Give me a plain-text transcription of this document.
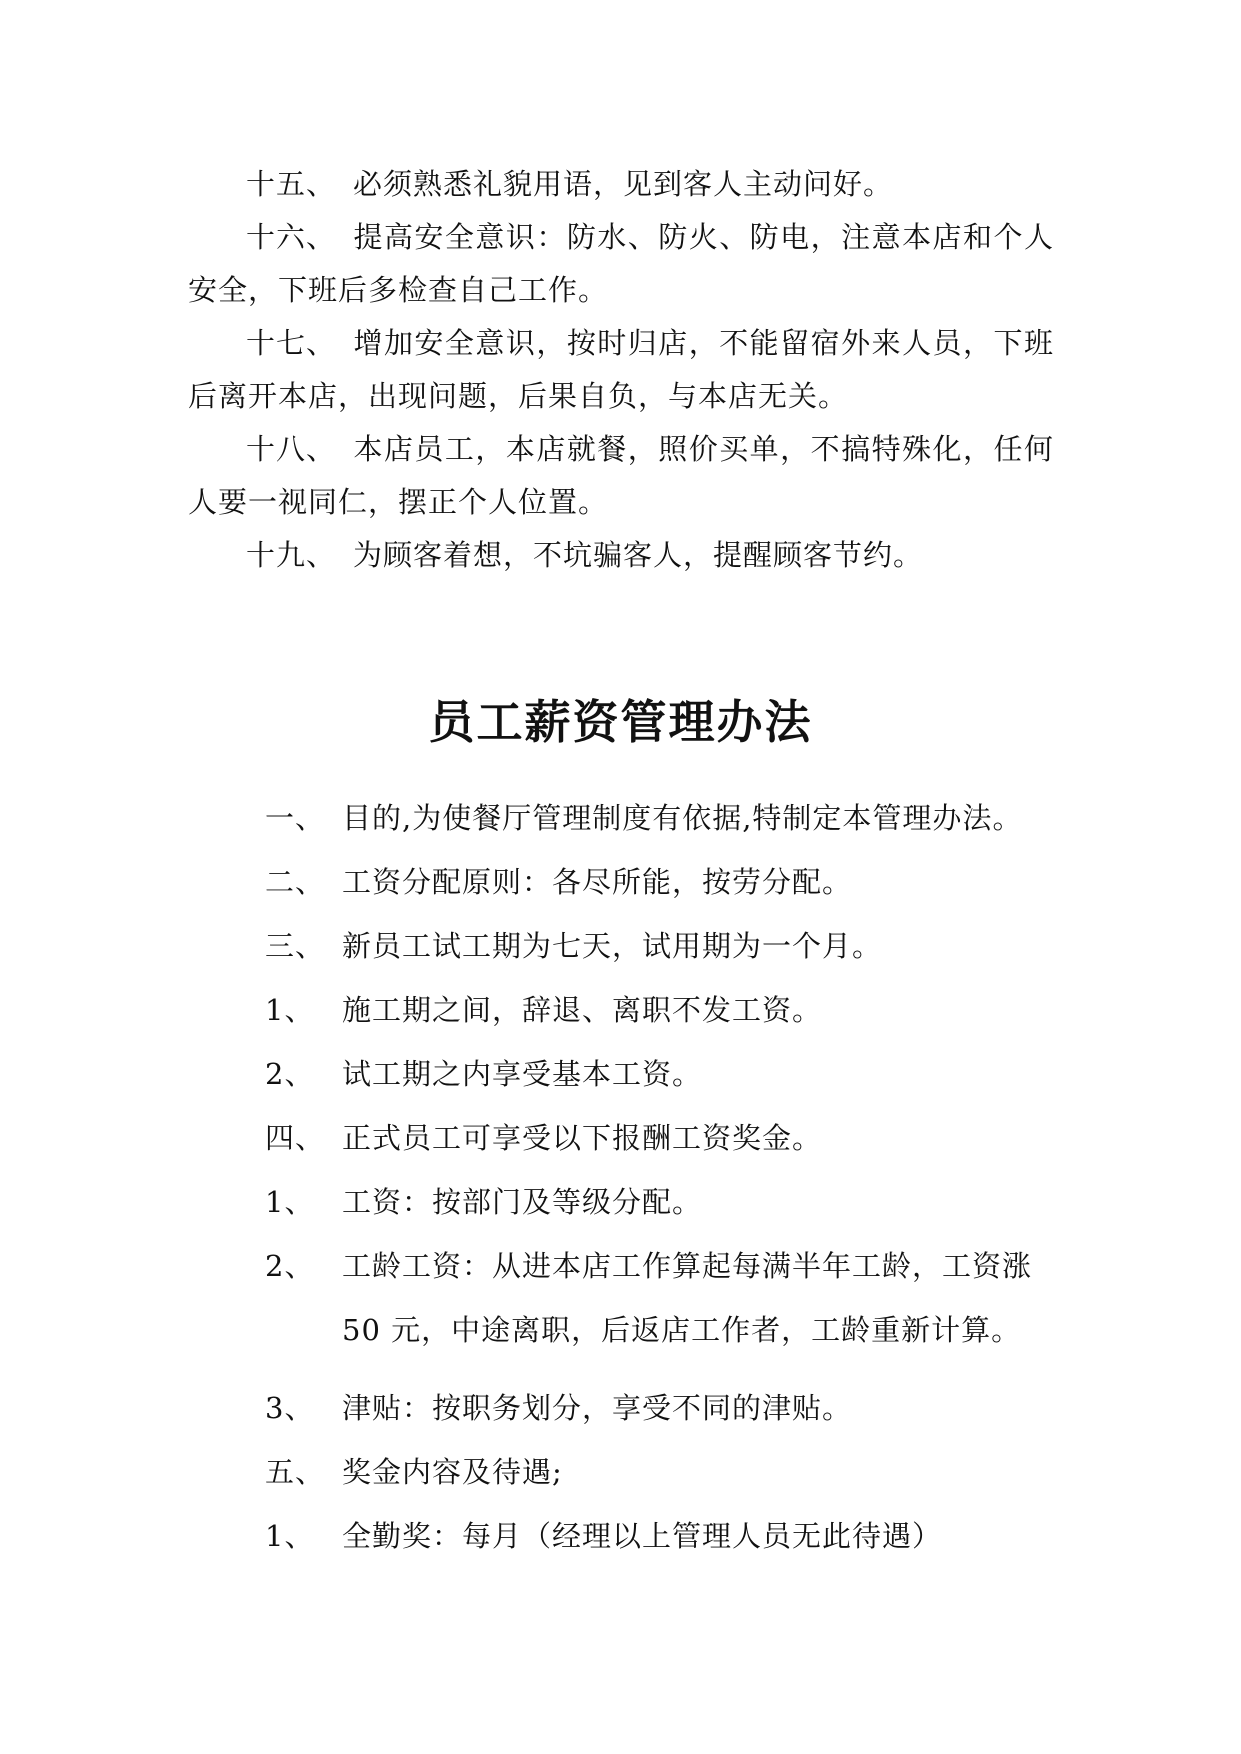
十五、 必须熟悉礼貌用语，见到客人主动问好。

十六、 提高安全意识：防水、防火、防电，注意本店和个人安全，下班后多检查自己工作。

十七、 增加安全意识，按时归店，不能留宿外来人员，下班后离开本店，出现问题，后果自负，与本店无关。

十八、 本店员工，本店就餐，照价买单，不搞特殊化，任何人要一视同仁，摆正个人位置。

十九、 为顾客着想，不坑骗客人，提醒顾客节约。

员工薪资管理办法
一、 目的,为使餐厅管理制度有依据,特制定本管理办法。
二、 工资分配原则：各尽所能，按劳分配。
三、 新员工试工期为七天，试用期为一个月。
1、 施工期之间，辞退、离职不发工资。
2、 试工期之内享受基本工资。
四、 正式员工可享受以下报酬工资奖金。
1、 工资：按部门及等级分配。
2、 工龄工资：从进本店工作算起每满半年工龄，工资涨50 元，中途离职，后返店工作者，工龄重新计算。
3、 津贴：按职务划分，享受不同的津贴。
五、 奖金内容及待遇;
1、 全勤奖：每月（经理以上管理人员无此待遇）
